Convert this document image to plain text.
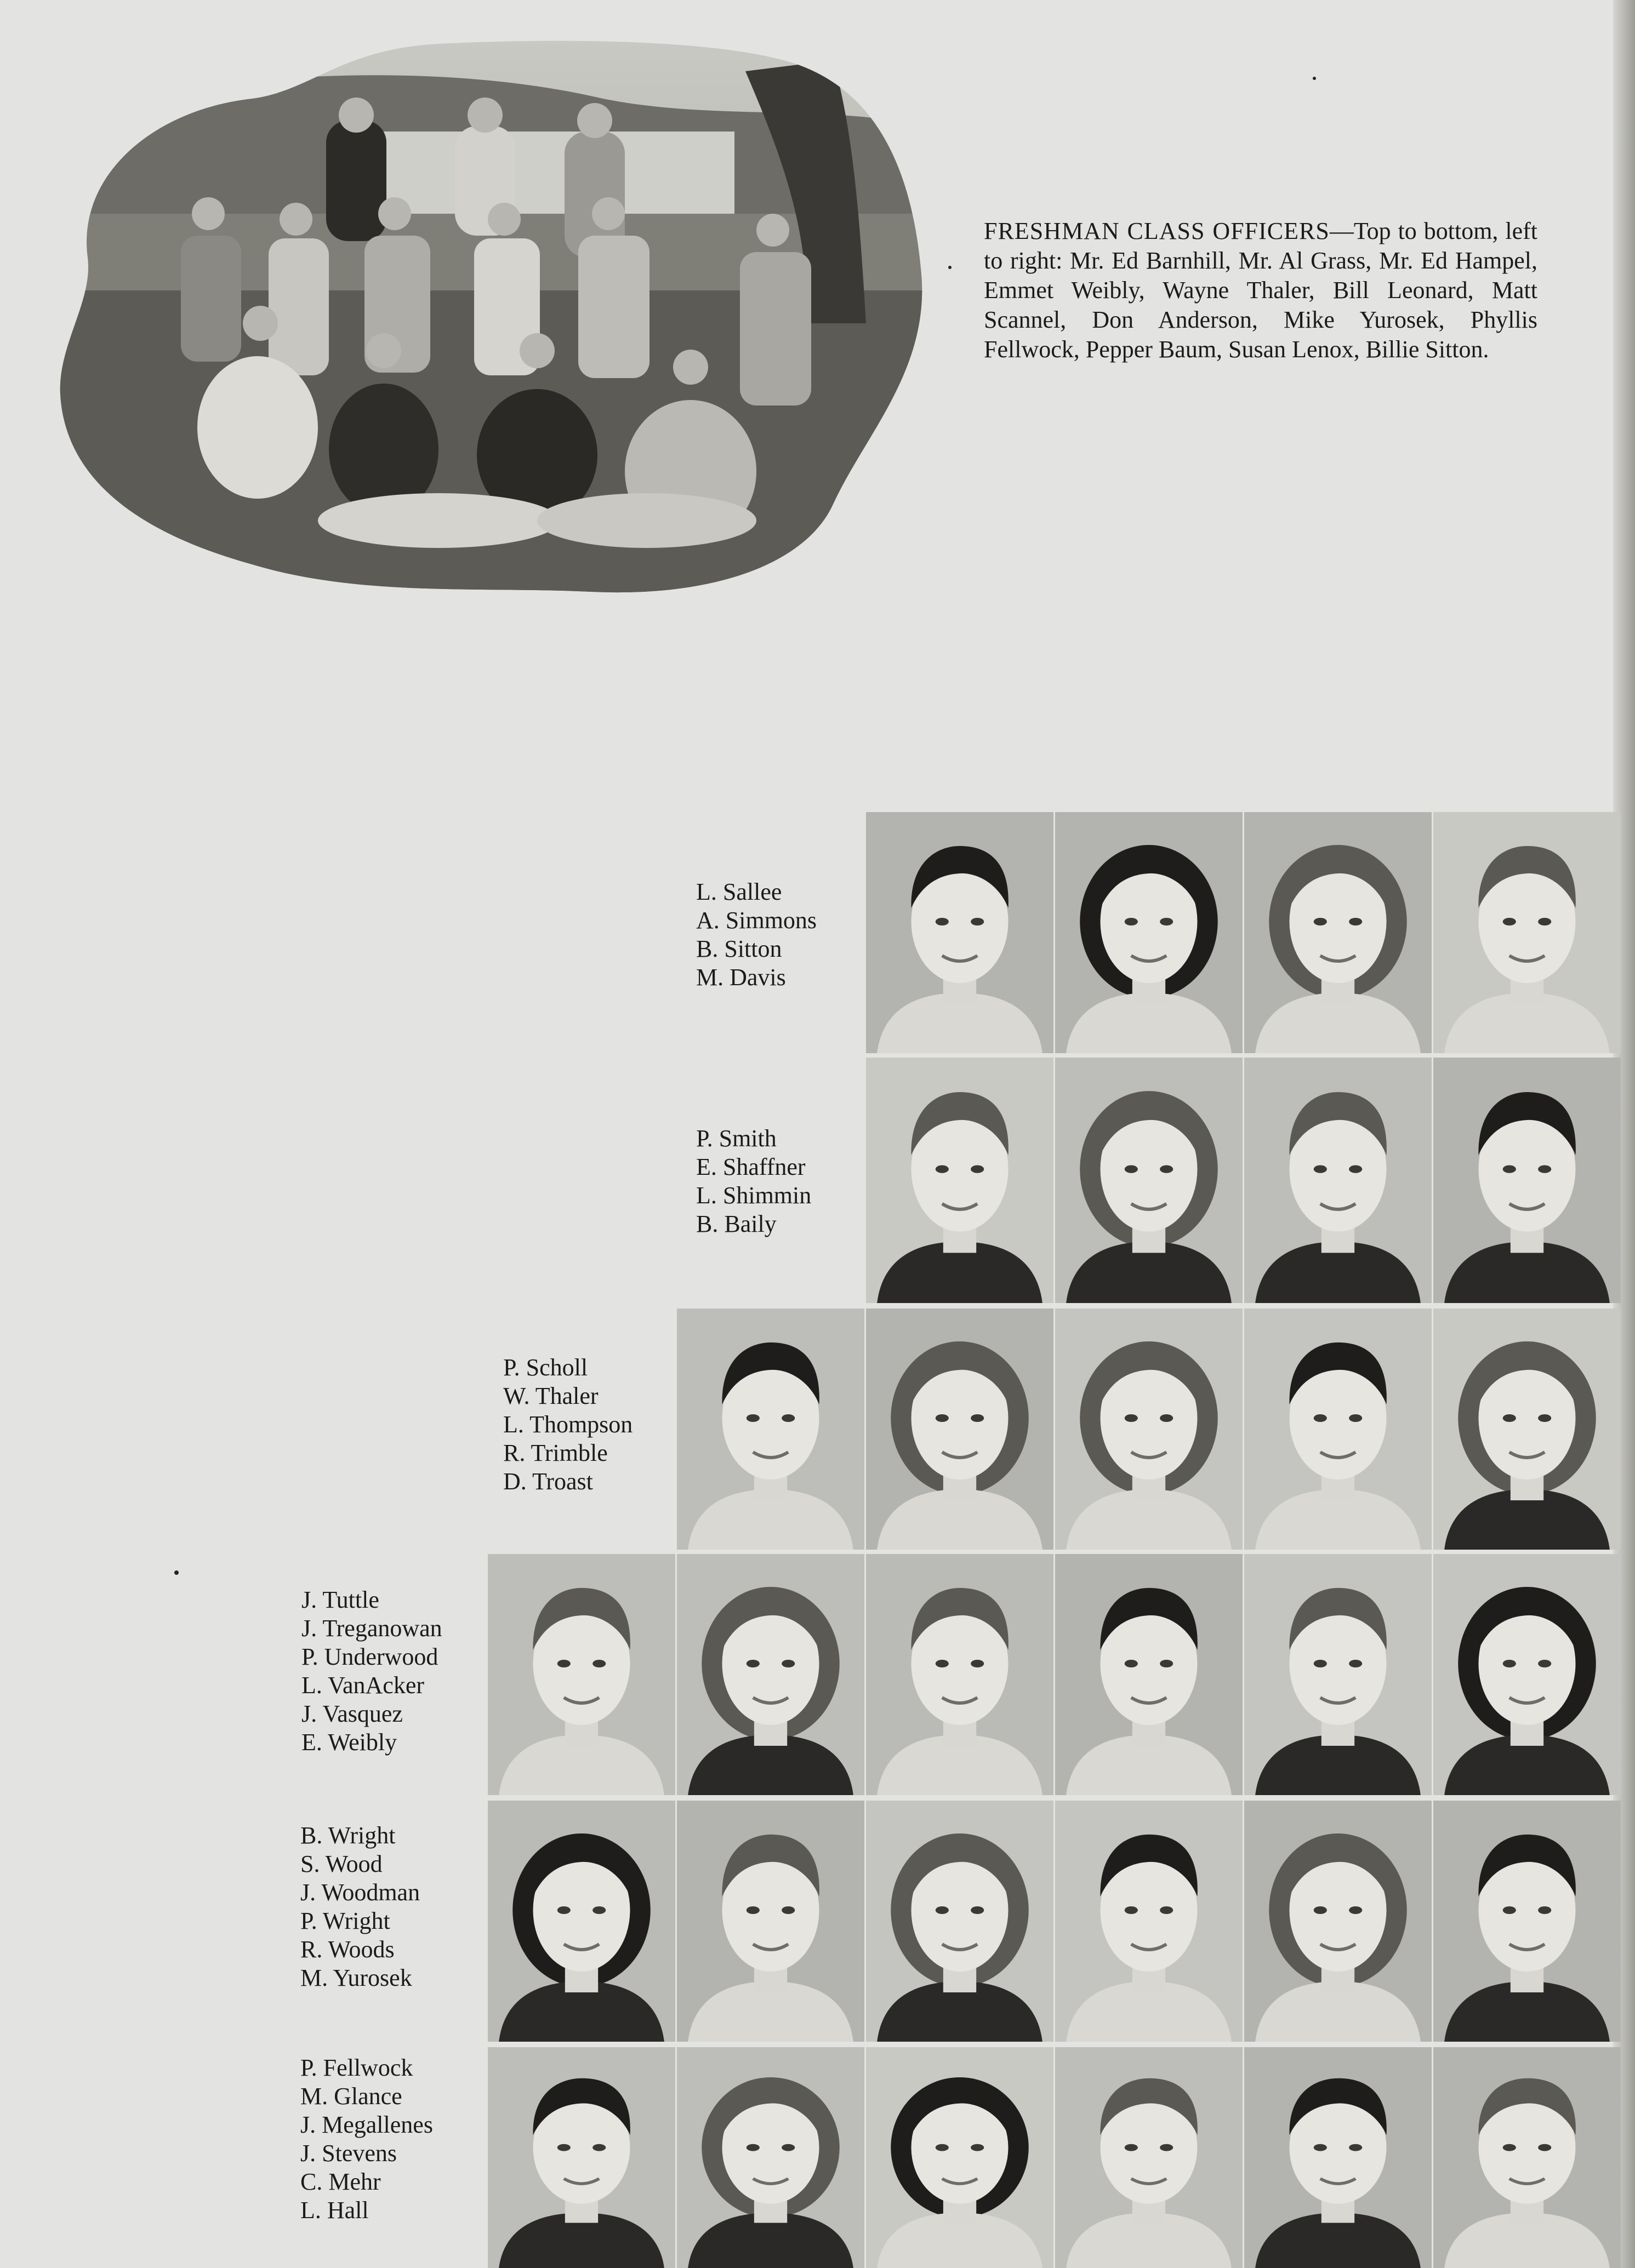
FRESHMAN CLASS OFFICERS—Top to bottom, left to right: Mr. Ed Barnhill, Mr. Al Grass, Mr. Ed Hampel, Emmet Weibly, Wayne Thaler, Bill Leonard, Matt Scannel, Don Anderson, Mike Yurosek, Phyllis Fellwock, Pepper Baum, Susan Lenox, Billie Sitton.
L. Sallee
A. Simmons
B. Sitton
M. Davis
P. Smith
E. Shaffner
L. Shimmin
B. Baily
P. Scholl
W. Thaler
L. Thompson
R. Trimble
D. Troast
J. Tuttle
J. Treganowan
P. Underwood
L. VanAcker
J. Vasquez
E. Weibly
B. Wright
S. Wood
J. Woodman
P. Wright
R. Woods
M. Yurosek
P. Fellwock
M. Glance
J. Megallenes
J. Stevens
C. Mehr
L. Hall
